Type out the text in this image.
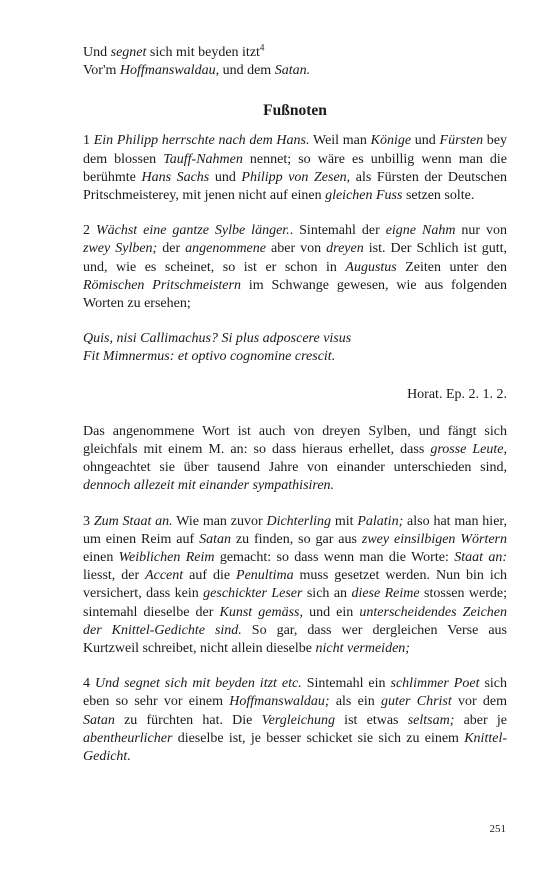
Und segnet sich mit beyden itzt$^4$

Vor'm Hoffmanswaldau, und dem Satan.

Fußnoten

1 Ein Philipp herrschte nach dem Hans. Weil man Könige und Fürsten bey dem blossen Tauff-Nahmen nennet; so wäre es unbillig wenn man die berühmte Hans Sachs und Philipp von Zesen, als Fürsten der Deutschen Pritschmeisterey, mit jenen nicht auf einen gleichen Fuss setzen solte.

2 Wächst eine gantze Sylbe länger.. Sintemahl der eigne Nahm nur von zwey Sylben; der angenommene aber von dreyen ist. Der Schlich ist gutt, und, wie es scheinet, so ist er schon in Augustus Zeiten unter den Römischen Pritschmeistern im Schwange gewesen, wie aus folgenden Worten zu ersehen;

Quis, nisi Callimachus? Si plus adposcere visus

Fit Mimnermus: et optivo cognomine crescit.

Horat. Ep. 2. 1. 2.

Das angenommene Wort ist auch von dreyen Sylben, und fängt sich gleichfals mit einem M. an: so dass hieraus erhellet, dass grosse Leute, ohngeachtet sie über tausend Jahre von einander unterschieden sind, dennoch allezeit mit einander sympathisiren.

3 Zum Staat an. Wie man zuvor Dichterling mit Palatin; also hat man hier, um einen Reim auf Satan zu finden, so gar aus zwey einsilbigen Wörtern einen Weiblichen Reim gemacht: so dass wenn man die Worte: Staat an: liesst, der Accent auf die Penultima muss gesetzet werden. Nun bin ich versichert, dass kein geschickter Leser sich an diese Reime stossen werde; sintemahl dieselbe der Kunst gemäss, und ein unterscheidendes Zeichen der Knittel-Gedichte sind. So gar, dass wer dergleichen Verse aus Kurtzweil schreibet, nicht allein dieselbe nicht vermeiden;

4 Und segnet sich mit beyden itzt etc. Sintemahl ein schlimmer Poet sich eben so sehr vor einem Hoffmanswaldau; als ein guter Christ vor dem Satan zu fürchten hat. Die Vergleichung ist etwas seltsam; aber je abentheurlicher dieselbe ist, je besser schicket sie sich zu einem Knittel-Gedicht.

251
